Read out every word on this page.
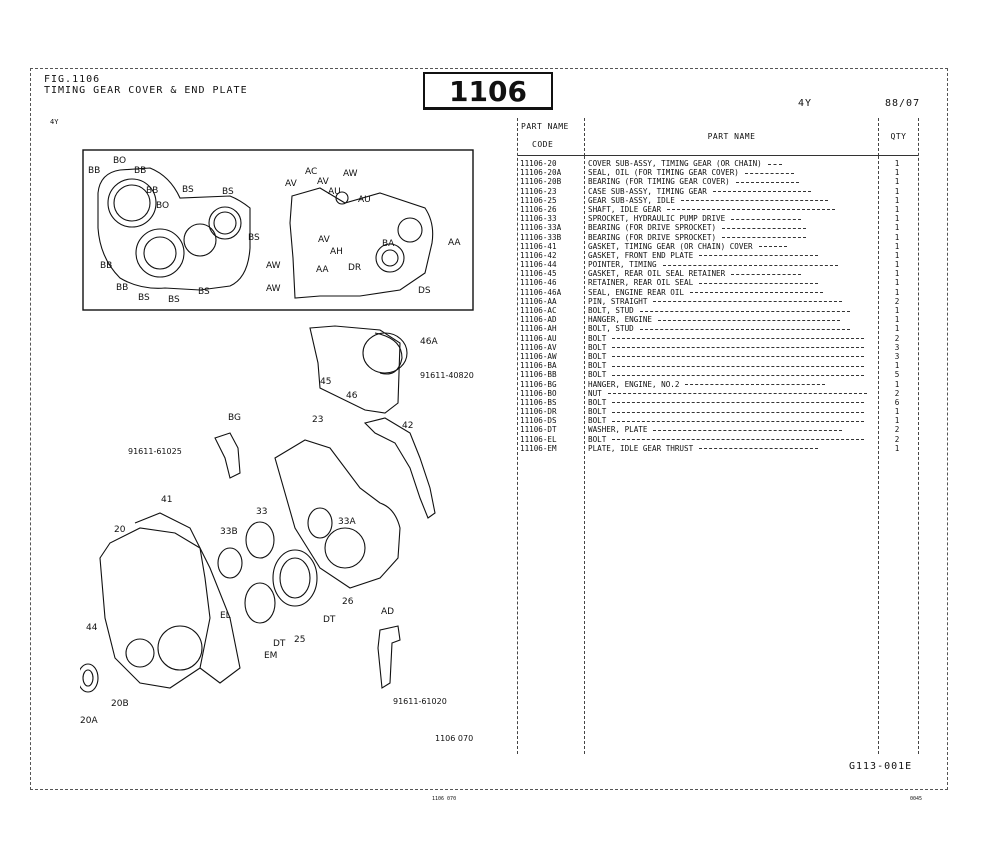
FIG.1106
TIMING GEAR COVER & END PLATE	1106	4Y	88/07
4Y	PART NAME
CODE
PART NAME	QTY
11106-20	COVER SUB-ASSY, TIMING GEAR (OR CHAIN)	1
11106-20A	SEAL, OIL (FOR TIMING GEAR COVER)	1
11106-20B	BEARING (FOR TIMING GEAR COVER)	1
11106-23	CASE SUB-ASSY, TIMING GEAR	1
11106-25	GEAR SUB-ASSY, IDLE	1
11106-26	SHAFT, IDLE GEAR	1
11106-33	SPROCKET, HYDRAULIC PUMP DRIVE	1
11106-33A	BEARING (FOR DRIVE SPROCKET)	1
11106-33B	BEARING (FOR DRIVE SPROCKET)	1
11106-41	GASKET, TIMING GEAR (OR CHAIN) COVER	1
11106-42	GASKET, FRONT END PLATE	1
11106-44	POINTER, TIMING	1
11106-45	GASKET, REAR OIL SEAL RETAINER	1
11106-46	RETAINER, REAR OIL SEAL	1
11106-46A	SEAL, ENGINE REAR OIL	1
11106-AA	PIN, STRAIGHT	2
11106-AC	BOLT, STUD	1
11106-AD	HANGER, ENGINE	1
11106-AH	BOLT, STUD	1
11106-AU	BOLT	2
11106-AV	BOLT	3
11106-AW	BOLT	3
11106-BA	BOLT	1
11106-BB	BOLT	5
11106-BG	HANGER, ENGINE, NO.2	1
11106-BO	NUT	2
11106-BS	BOLT	6
11106-DR	BOLT	1
11106-DS	BOLT	1
11106-DT	WASHER, PLATE	2
11106-EL	BOLT	2
11106-EM	PLATE, IDLE GEAR THRUST	1
BB
BO
BB
BB
BO
BS	BS
BS
BB
BB
BS BS
BS
AC
AV AV
AW
AU
AU
AV
AH
BA	AA
DR
AW	AA
AW	DS
46A
45
46
91611-40820
BG
91611-61025
23
42
41
20	33B
33
33A
26
DT
25
DT
EL
EM
44
20B
20A
AD
91611-61020
1106 070
G113-001E
1106 070	0045
